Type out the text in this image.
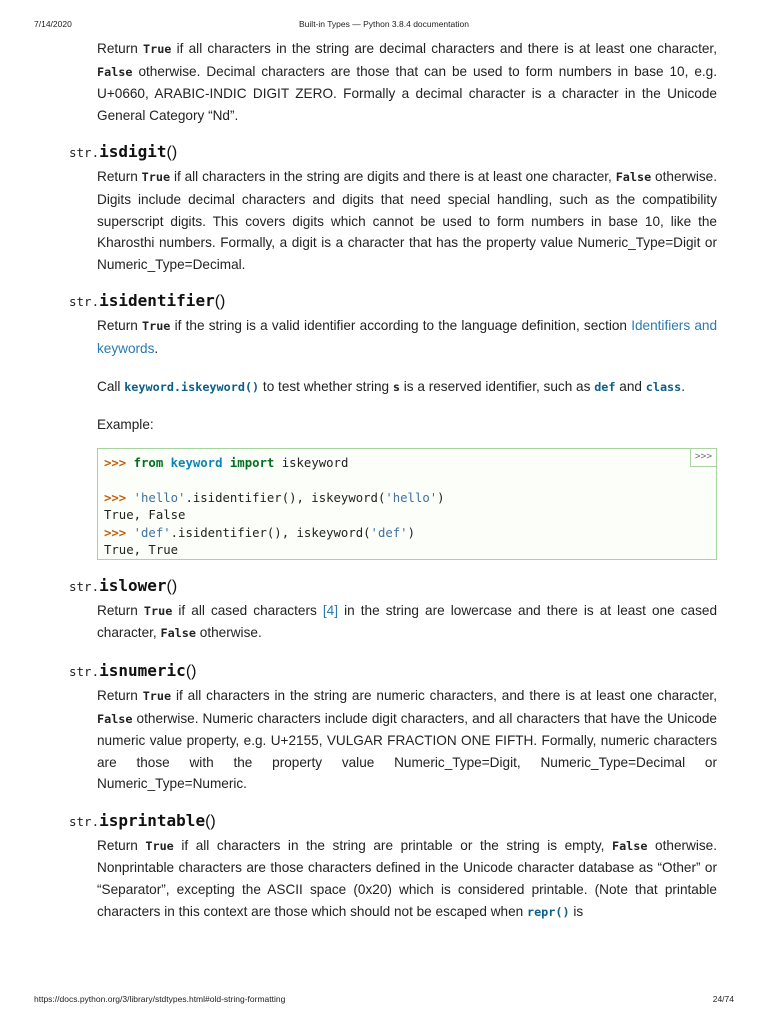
7/14/2020	Built-in Types — Python 3.8.4 documentation

Return True if all characters in the string are decimal characters and there is at least one character, False otherwise. Decimal characters are those that can be used to form numbers in base 10, e.g. U+0660, ARABIC-INDIC DIGIT ZERO. Formally a decimal character is a character in the Unicode General Category “Nd”.

str.isdigit()

Return True if all characters in the string are digits and there is at least one character, False otherwise. Digits include decimal characters and digits that need special handling, such as the compatibility superscript digits. This covers digits which cannot be used to form numbers in base 10, like the Kharosthi numbers. Formally, a digit is a character that has the property value Numeric_Type=Digit or Numeric_Type=Decimal.

str.isidentifier()

Return True if the string is a valid identifier according to the language definition, section Identifiers and keywords.

Call keyword.iskeyword() to test whether string s is a reserved identifier, such as def and class.

Example:

>>>
>>> from keyword import iskeyword
>>> 'hello'.isidentifier(), iskeyword('hello')
True, False
>>> 'def'.isidentifier(), iskeyword('def')
True, True
str.islower()

Return True if all cased characters [4] in the string are lowercase and there is at least one cased character, False otherwise.

str.isnumeric()

Return True if all characters in the string are numeric characters, and there is at least one character, False otherwise. Numeric characters include digit characters, and all characters that have the Unicode numeric value property, e.g. U+2155, VULGAR FRACTION ONE FIFTH. Formally, numeric characters are those with the property value Numeric_Type=Digit, Numeric_Type=Decimal or Numeric_Type=Numeric.

str.isprintable()

Return True if all characters in the string are printable or the string is empty, False otherwise. Nonprintable characters are those characters defined in the Unicode character database as “Other” or “Separator”, excepting the ASCII space (0x20) which is considered printable. (Note that printable characters in this context are those which should not be escaped when repr() is

https://docs.python.org/3/library/stdtypes.html#old-string-formatting	24/74
